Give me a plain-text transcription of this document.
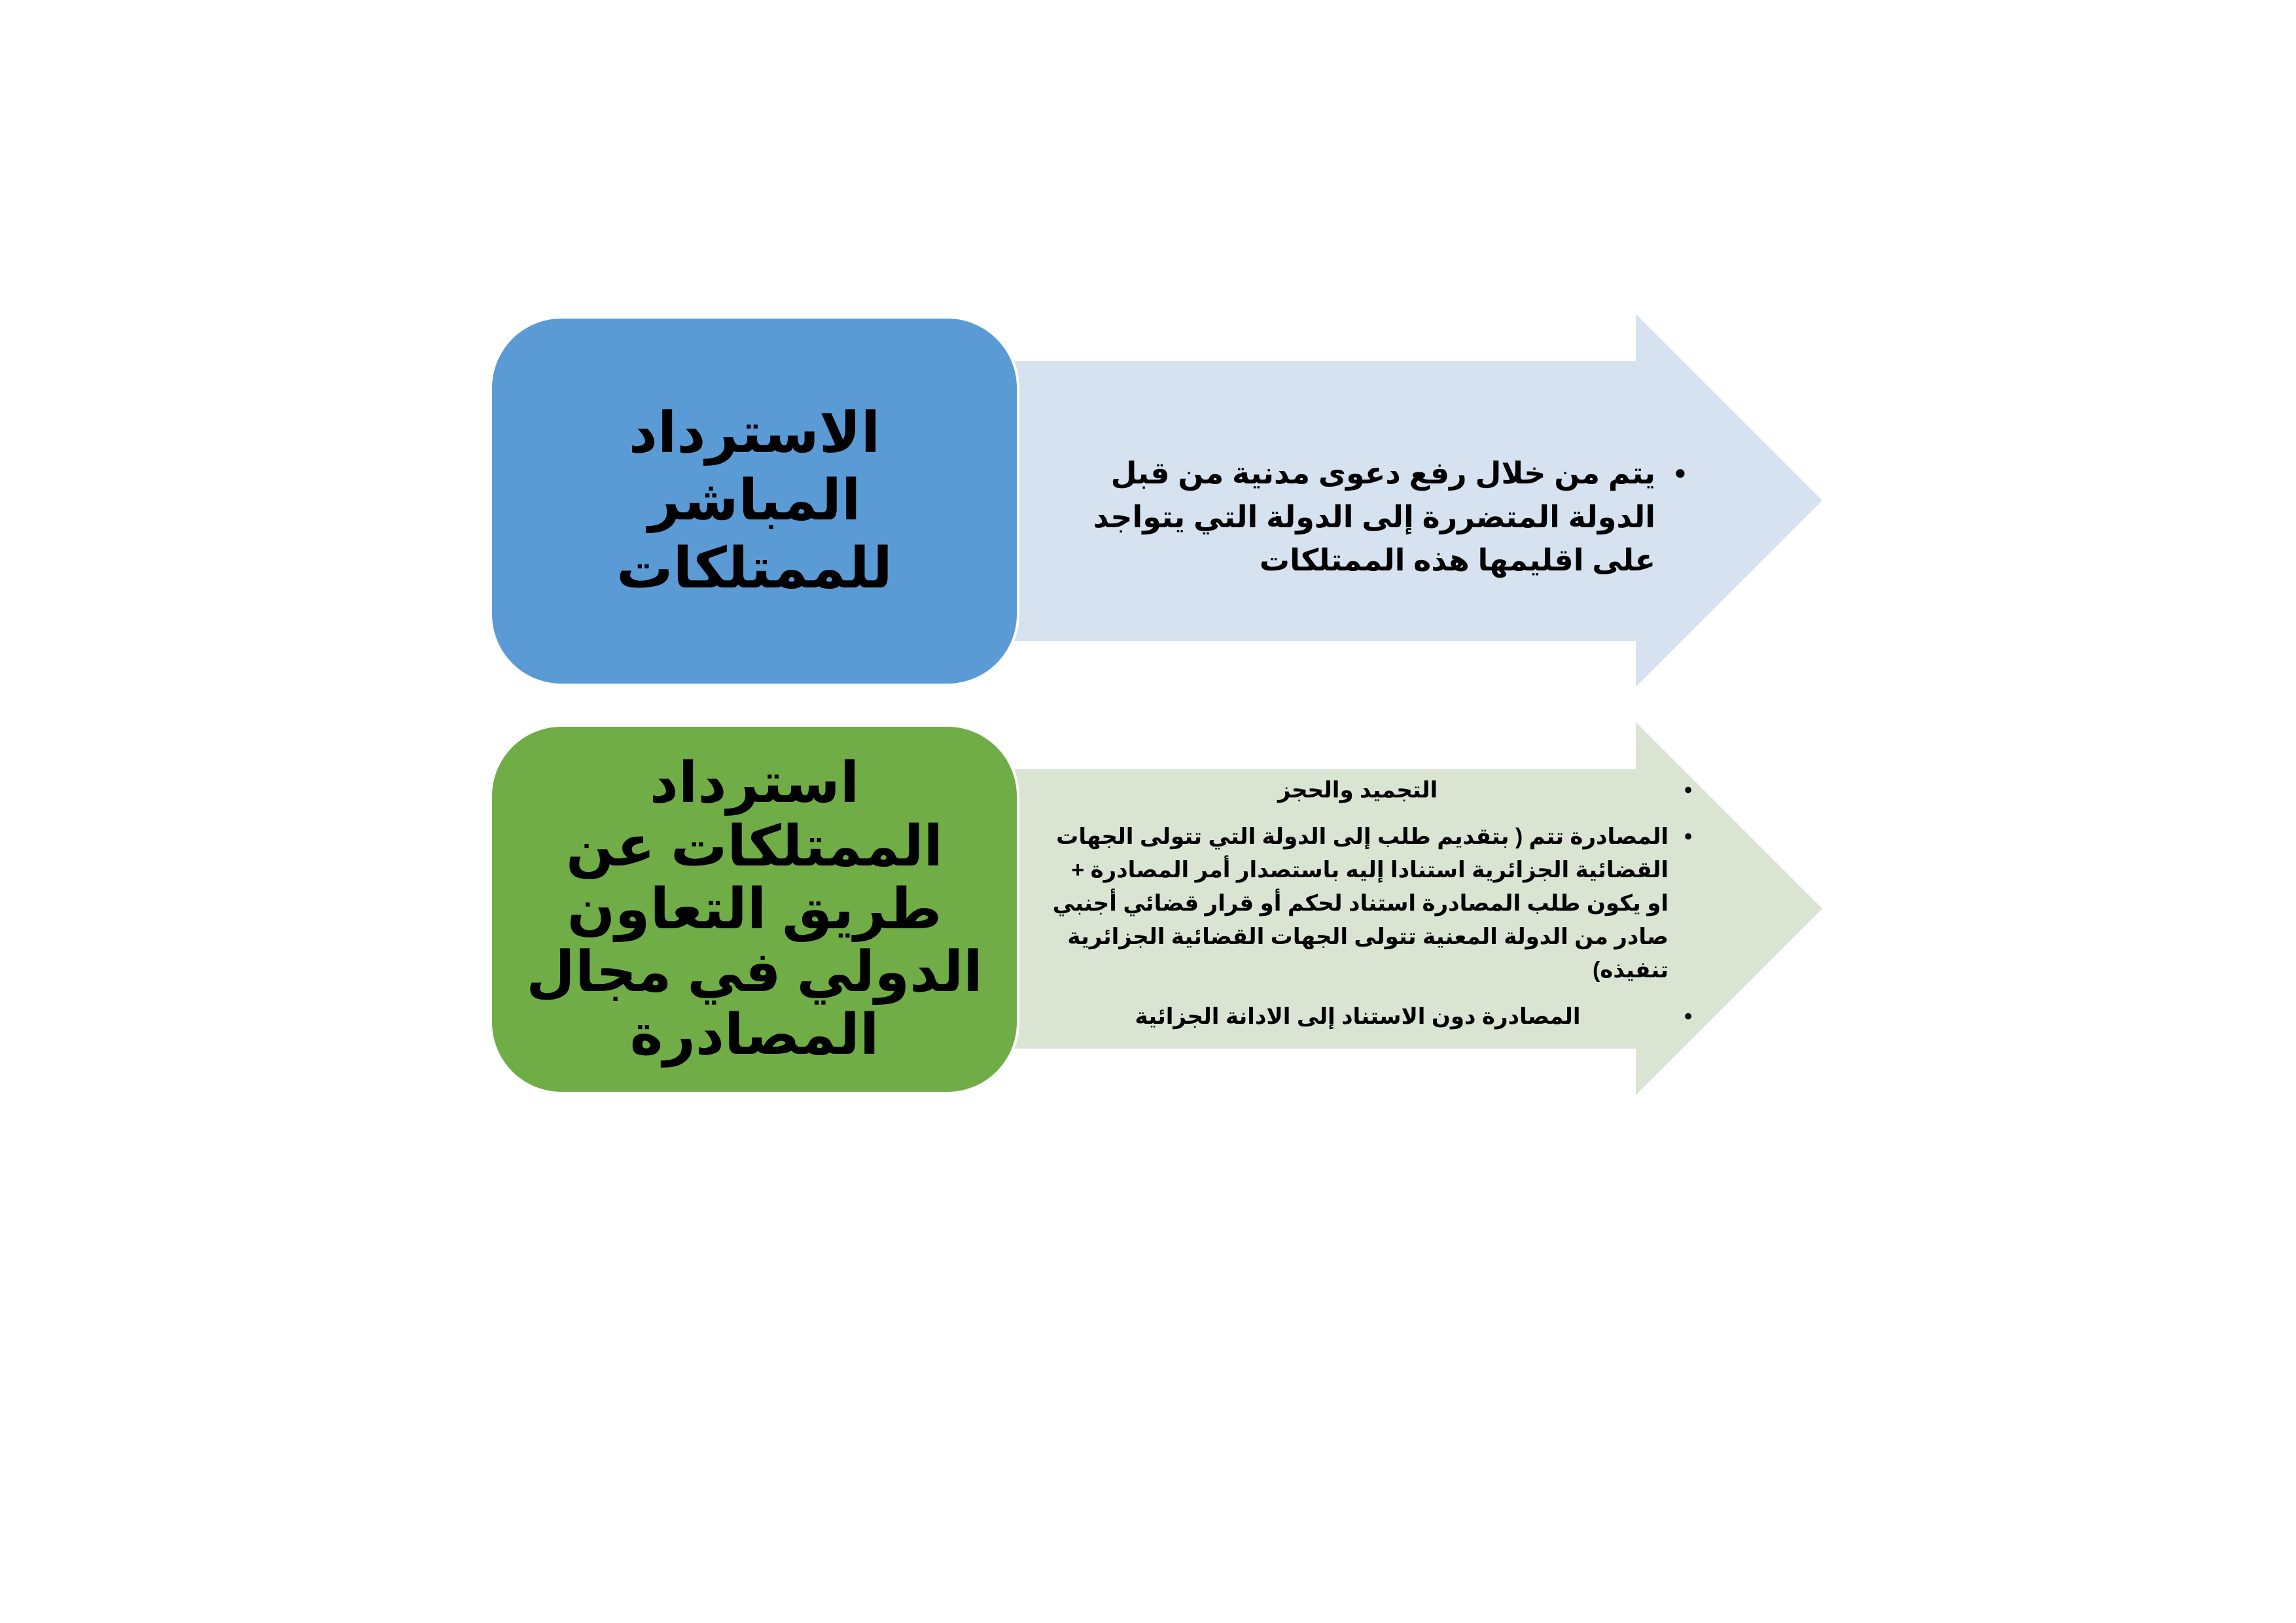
الاسترداد المباشر للممتلكات
يتم من خلال رفع دعوى مدنية من قبل الدولة المتضررة إلى الدولة التي يتواجد على اقليمها هذه الممتلكات •
استرداد الممتلكات عن طريق التعاون الدولي في مجال المصادرة
التجميد والحجز •
المصادرة تتم ( بتقديم طلب إلى الدولة التي تتولى الجهات القضائية الجزائرية استنادا إليه باستصدار أمر المصادرة + او يكون طلب المصادرة استناد لحكم أو قرار قضائي أجنبي صادر من الدولة المعنية تتولى الجهات القضائية الجزائرية تنفيذه) •
المصادرة دون الاستناد إلى الادانة الجزائية •
